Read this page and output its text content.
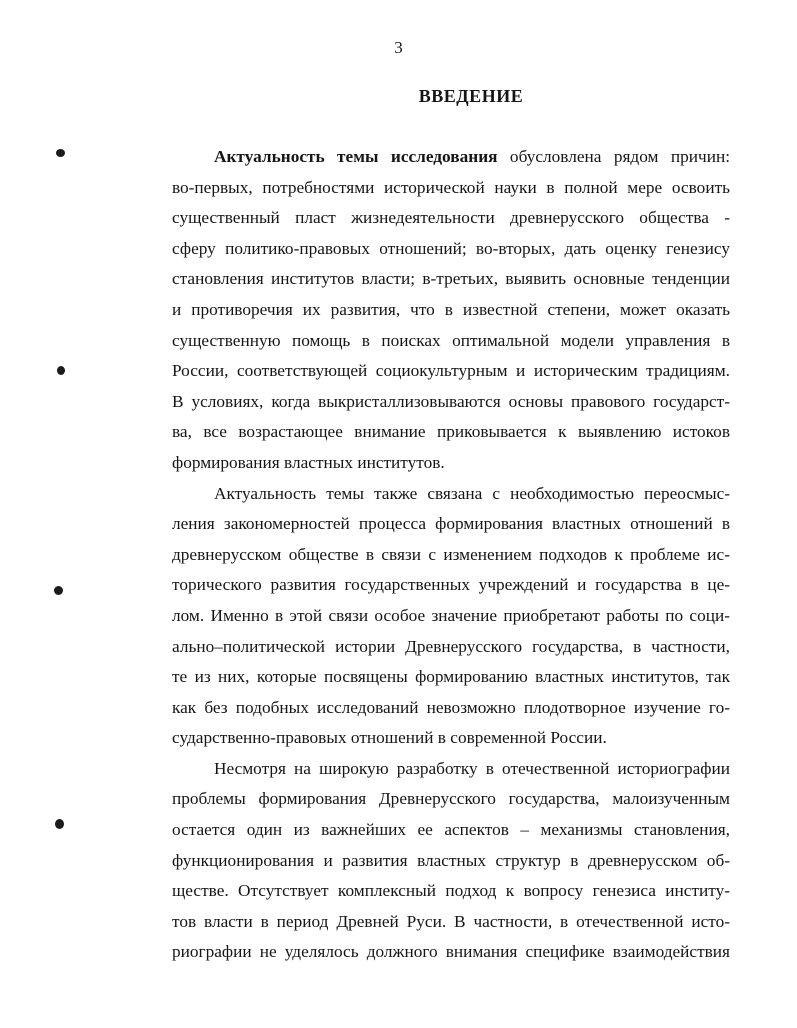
3
ВВЕДЕНИЕ
Актуальность темы исследования обусловлена рядом причин:
во-первых, потребностями исторической науки в полной мере освоить
существенный пласт жизнедеятельности древнерусского общества -
сферу политико-правовых отношений; во-вторых, дать оценку генезису
становления институтов власти; в-третьих, выявить основные тенденции
и противоречия их развития, что в известной степени, может оказать
существенную помощь в поисках оптимальной модели управления в
России, соответствующей социокультурным и историческим традициям.
В условиях, когда выкристаллизовываются основы правового государст-
ва, все возрастающее внимание приковывается к выявлению истоков
формирования властных институтов.
Актуальность темы также связана с необходимостью переосмыс-
ления закономерностей процесса формирования властных отношений в
древнерусском обществе в связи с изменением подходов к проблеме ис-
торического развития государственных учреждений и государства в це-
лом. Именно в этой связи особое значение приобретают работы по соци-
ально–политической истории Древнерусского государства, в частности,
те из них, которые посвящены формированию властных институтов, так
как без подобных исследований невозможно плодотворное изучение го-
сударственно-правовых отношений в современной России.
Несмотря на широкую разработку в отечественной историографии
проблемы формирования Древнерусского государства, малоизученным
остается один из важнейших ее аспектов – механизмы становления,
функционирования и развития властных структур в древнерусском об-
ществе. Отсутствует комплексный подход к вопросу генезиса институ-
тов власти в период Древней Руси. В частности, в отечественной исто-
риографии не уделялось должного внимания специфике взаимодействия
